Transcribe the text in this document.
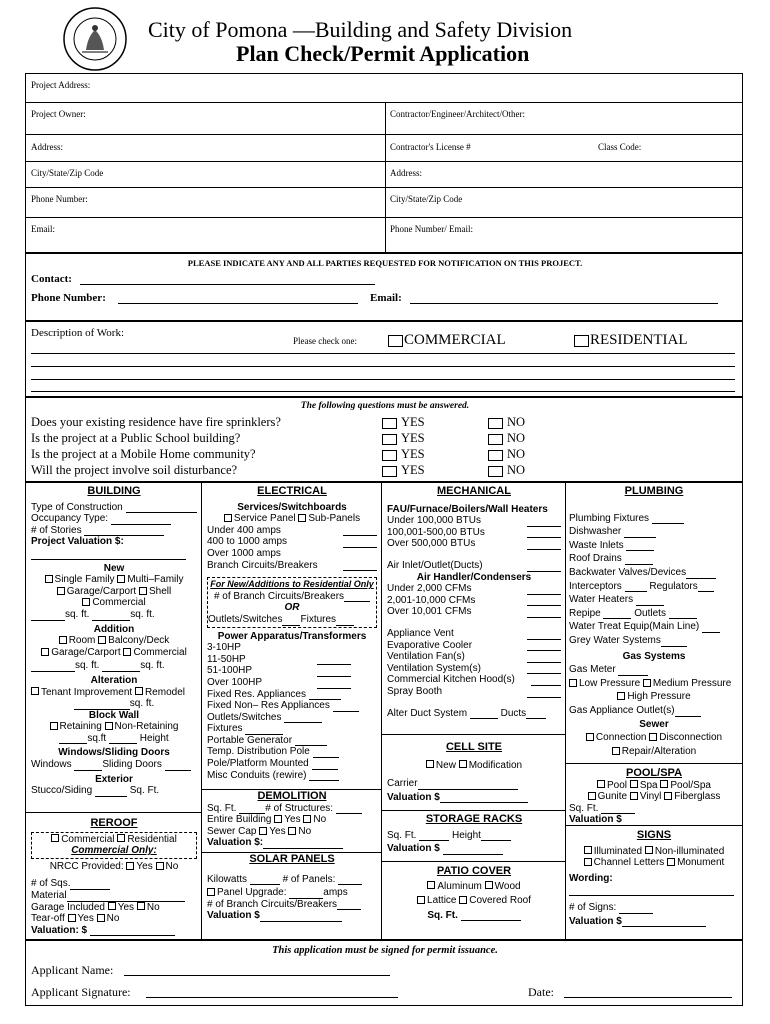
City of Pomona —Building and Safety Division
Plan Check/Permit Application
Project Address:
Project Owner:	Contractor/Engineer/Architect/Other:
Address:	Contractor's License #	Class Code:
City/State/Zip Code	Address:
Phone Number:	City/State/Zip Code
Email:	Phone Number/ Email:
PLEASE INDICATE ANY AND ALL PARTIES REQUESTED FOR NOTIFICATION ON THIS PROJECT.
Contact:
Phone Number:	Email:
Description of Work:
Please check one:	COMMERCIAL	RESIDENTIAL
The following questions must be answered.
Does your existing residence have fire sprinklers?	YES	NO
Is the project at a Public School building?	YES	NO
Is the project at a Mobile Home community?	YES	NO
Will the project involve soil disturbance?	YES	NO
BUILDING
Type of Construction
Occupancy Type:
# of Stories
Project Valuation $:
New
Single Family Multi–Family
Garage/Carport Shell
Commercial
sq. ft.	sq. ft.
Addition
Room Balcony/Deck
Garage/Carport Commercial
sq. ft.	sq. ft.
Alteration
Tenant Improvement Remodel
sq. ft.
Block Wall
Retaining Non-Retaining
sq.ft	Height
Windows/Sliding Doors
Windows	Sliding Doors
Exterior
Stucco/Siding	Sq. Ft.
REROOF
Commercial Residential
Commercial Only:
NRCC Provided: Yes No
# of Sqs.
Material
Garage Included Yes No
Tear-off Yes No
Valuation: $
ELECTRICAL
Services/Switchboards
Service Panel Sub-Panels
Under 400 amps
400 to 1000 amps
Over 1000 amps
Branch Circuits/Breakers
For New/Additions to Residential Only
# of Branch Circuits/Breakers
OR
Outlets/Switches Fixtures
Power Apparatus/Transformers
3-10HP
11-50HP
51-100HP
Over 100HP
Fixed Res. Appliances
Fixed Non– Res Appliances
Outlets/Switches
Fixtures
Portable Generator
Temp. Distribution Pole
Pole/Platform Mounted
Misc Conduits (rewire)
DEMOLITION
Sq. Ft.	# of Structures:
Entire Building Yes No
Sewer Cap Yes No
Valuation $:
SOLAR PANELS
Kilowatts	# of Panels:
Panel Upgrade:	amps
# of Branch Circuits/Breakers
Valuation $
MECHANICAL
FAU/Furnace/Boilers/Wall Heaters
Under 100,000 BTUs
100,001-500,00 BTUs
Over 500,000 BTUs
Air Inlet/Outlet(Ducts)
Air Handler/Condensers
Under 2,000 CFMs
2,001-10,000 CFMs
Over 10,001 CFMs
Appliance Vent
Evaporative Cooler
Ventilation Fan(s)
Ventilation System(s)
Commercial Kitchen Hood(s)
Spray Booth
Alter Duct System	Ducts
CELL SITE
New Modification
Carrier
Valuation $
STORAGE RACKS
Sq. Ft.	Height
Valuation $
PATIO COVER
Aluminum Wood
Lattice Covered Roof
Sq. Ft.
PLUMBING
Plumbing Fixtures
Dishwasher
Waste Inlets
Roof Drains
Backwater Valves/Devices
Interceptors	Regulators
Water Heaters
Repipe	Outlets
Water Treat Equip(Main Line)
Grey Water Systems
Gas Systems
Gas Meter
Low Pressure Medium Pressure
High Pressure
Gas Appliance Outlet(s)
Sewer
Connection Disconnection
Repair/Alteration
POOL/SPA
Pool Spa Pool/Spa
Gunite Vinyl Fiberglass
Sq. Ft.
Valuation $
SIGNS
Illuminated Non-illuminated
Channel Letters Monument
Wording:
# of Signs:
Valuation $
This application must be signed for permit issuance.
Applicant Name:
Applicant Signature:	Date:
